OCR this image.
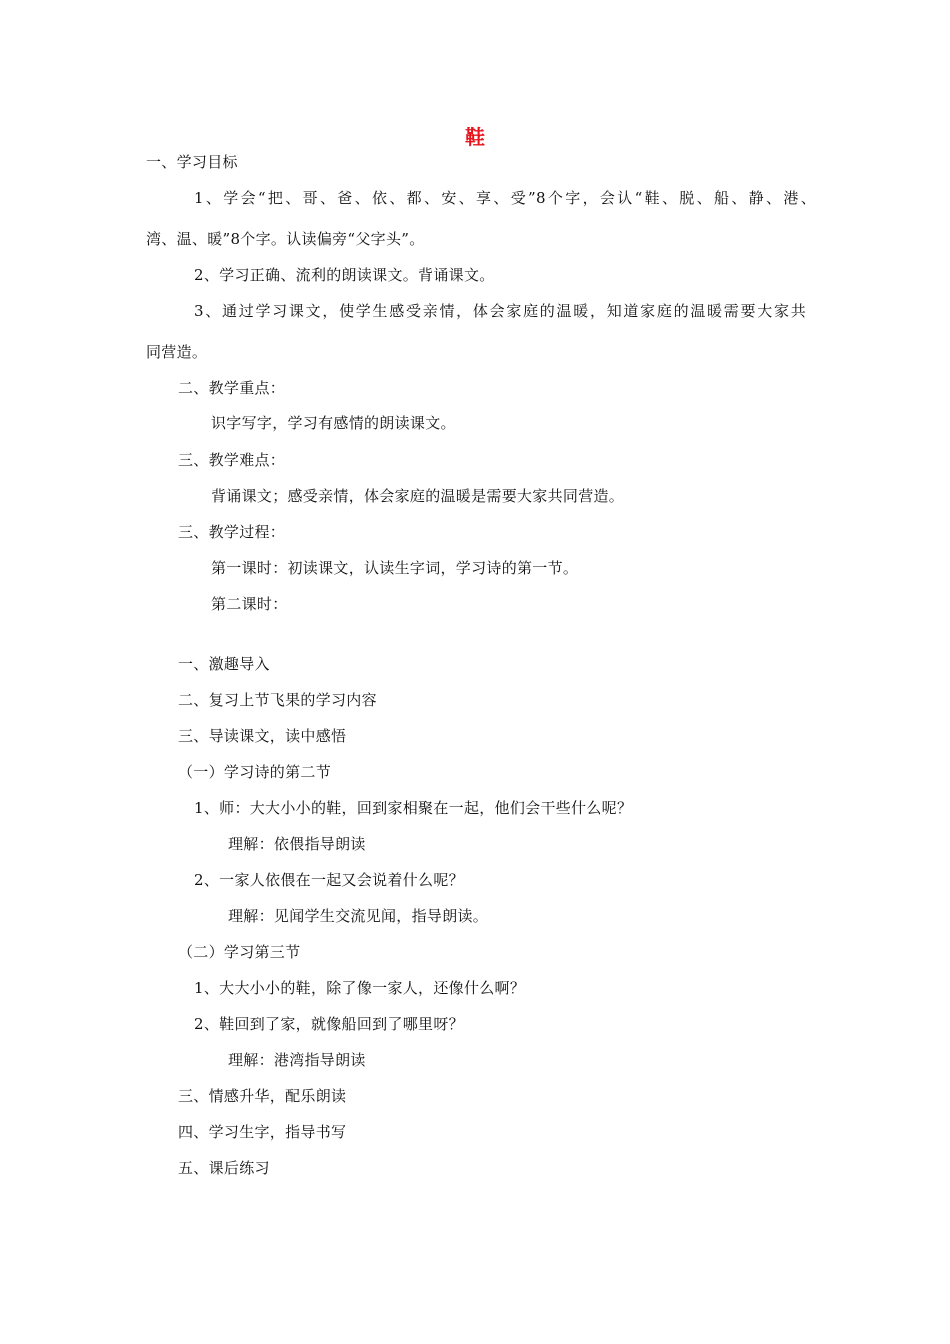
鞋
一、学习目标
1、学会“把、哥、爸、依、都、安、享、受”8个字，会认“鞋、脱、船、静、港、
湾、温、暖”8个字。认读偏旁“父字头”。
2、学习正确、流利的朗读课文。背诵课文。
3、通过学习课文，使学生感受亲情，体会家庭的温暖，知道家庭的温暖需要大家共
同营造。
二、教学重点：
识字写字，学习有感情的朗读课文。
三、教学难点：
背诵课文；感受亲情，体会家庭的温暖是需要大家共同营造。
三、教学过程：
第一课时：初读课文，认读生字词，学习诗的第一节。
第二课时：
一、激趣导入
二、复习上节飞果的学习内容
三、导读课文，读中感悟
（一）学习诗的第二节
1、师：大大小小的鞋，回到家相聚在一起，他们会干些什么呢？
理解：依偎指导朗读
2、一家人依偎在一起又会说着什么呢？
理解：见闻学生交流见闻，指导朗读。
（二）学习第三节
1、大大小小的鞋，除了像一家人，还像什么啊？
2、鞋回到了家，就像船回到了哪里呀？
理解：港湾指导朗读
三、情感升华，配乐朗读
四、学习生字，指导书写
五、课后练习
